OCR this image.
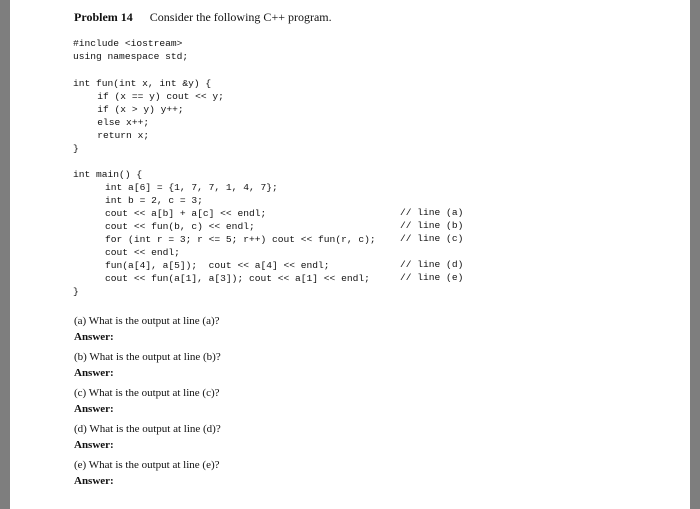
Problem 14 Consider the following C++ program.
#include <iostream>
using namespace std;
int fun(int x, int &y) {
if (x == y) cout << y;
if (x > y) y++;
else x++;
return x;
}
int main() {
int a[6] = {1, 7, 7, 1, 4, 7};
int b = 2, c = 3;
cout << a[b] + a[c] << endl;
cout << fun(b, c) << endl;
for (int r = 3; r <= 5; r++) cout << fun(r, c);
cout << endl;
fun(a[4], a[5]);  cout << a[4] << endl;
cout << fun(a[1], a[3]); cout << a[1] << endl;
}
// line (a)
// line (b)
// line (c)
// line (d)
// line (e)
(a) What is the output at line (a)?
Answer:
(b) What is the output at line (b)?
Answer:
(c) What is the output at line (c)?
Answer:
(d) What is the output at line (d)?
Answer:
(e) What is the output at line (e)?
Answer:
